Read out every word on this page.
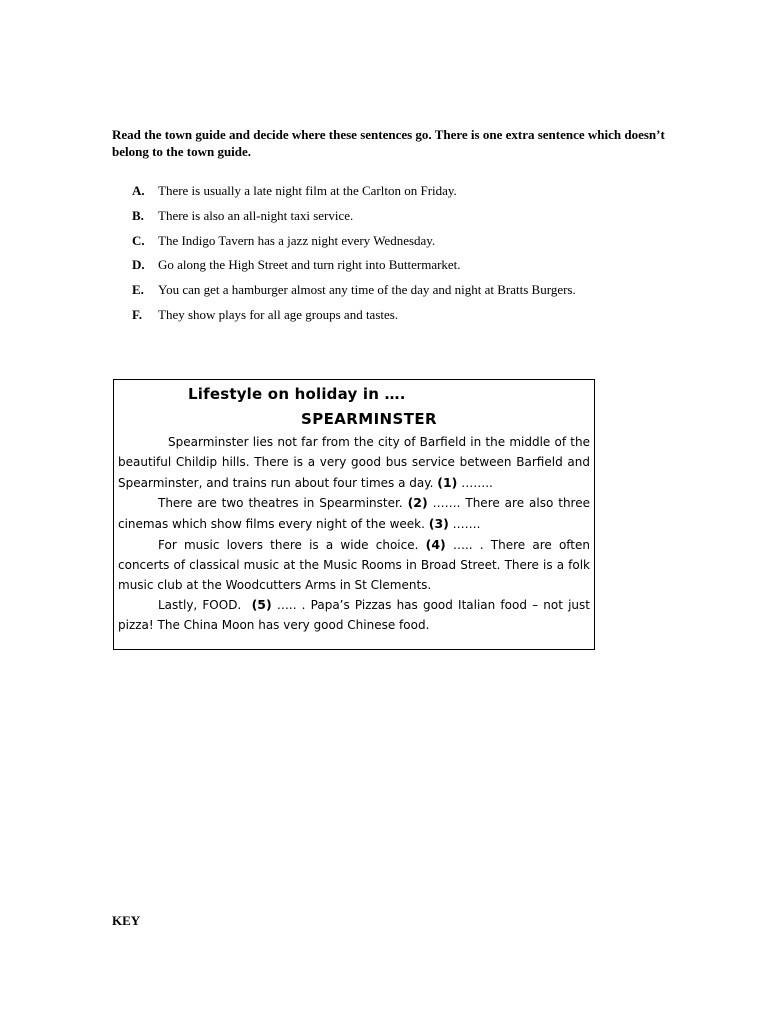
Read the town guide and decide where these sentences go. There is one extra sentence which doesn’t belong to the town guide.
A. There is usually a late night film at the Carlton on Friday.
B. There is also an all-night taxi service.
C. The Indigo Tavern has a jazz night every Wednesday.
D. Go along the High Street and turn right into Buttermarket.
E. You can get a hamburger almost any time of the day and night at Bratts Burgers.
F. They show plays for all age groups and tastes.
Lifestyle on holiday in ….
SPEARMINSTER

Spearminster lies not far from the city of Barfield in the middle of the beautiful Childip hills. There is a very good bus service between Barfield and Spearminster, and trains run about four times a day. (1) ……..

There are two theatres in Spearminster. (2) ……. There are also three cinemas which show films every night of the week. (3) …….

For music lovers there is a wide choice. (4) ….. . There are often concerts of classical music at the Music Rooms in Broad Street. There is a folk music club at the Woodcutters Arms in St Clements.

Lastly, FOOD.  (5) ….. . Papa’s Pizzas has good Italian food – not just pizza! The China Moon has very good Chinese food.

KEY
